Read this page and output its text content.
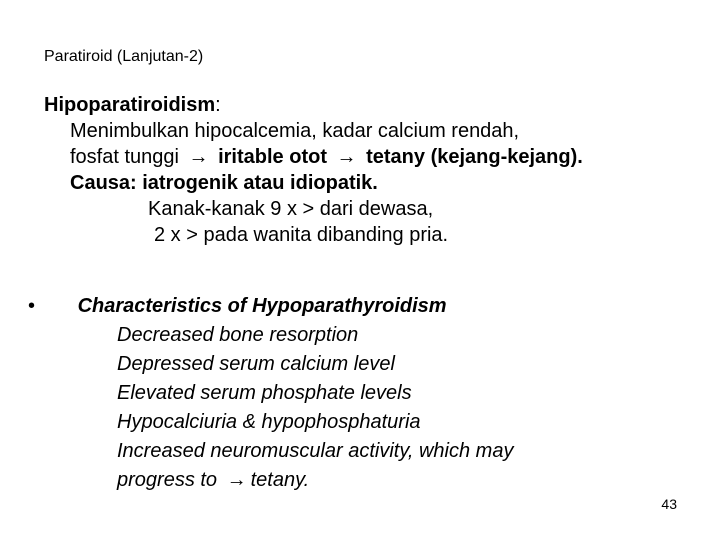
Paratiroid (Lanjutan-2)
Hipoparatiroidism:
Menimbulkan hipocalcemia, kadar calcium rendah,
fosfat tunggi → iritable otot → tetany (kejang-kejang).
Causa: iatrogenik atau idiopatik.
Kanak-kanak 9 x > dari dewasa,
2 x > pada wanita dibanding pria.
• Characteristics of Hypoparathyroidism
Decreased bone resorption
Depressed serum calcium level
Elevated serum phosphate levels
Hypocalciuria & hypophosphaturia
Increased neuromuscular activity, which may
progress to → tetany.
43
